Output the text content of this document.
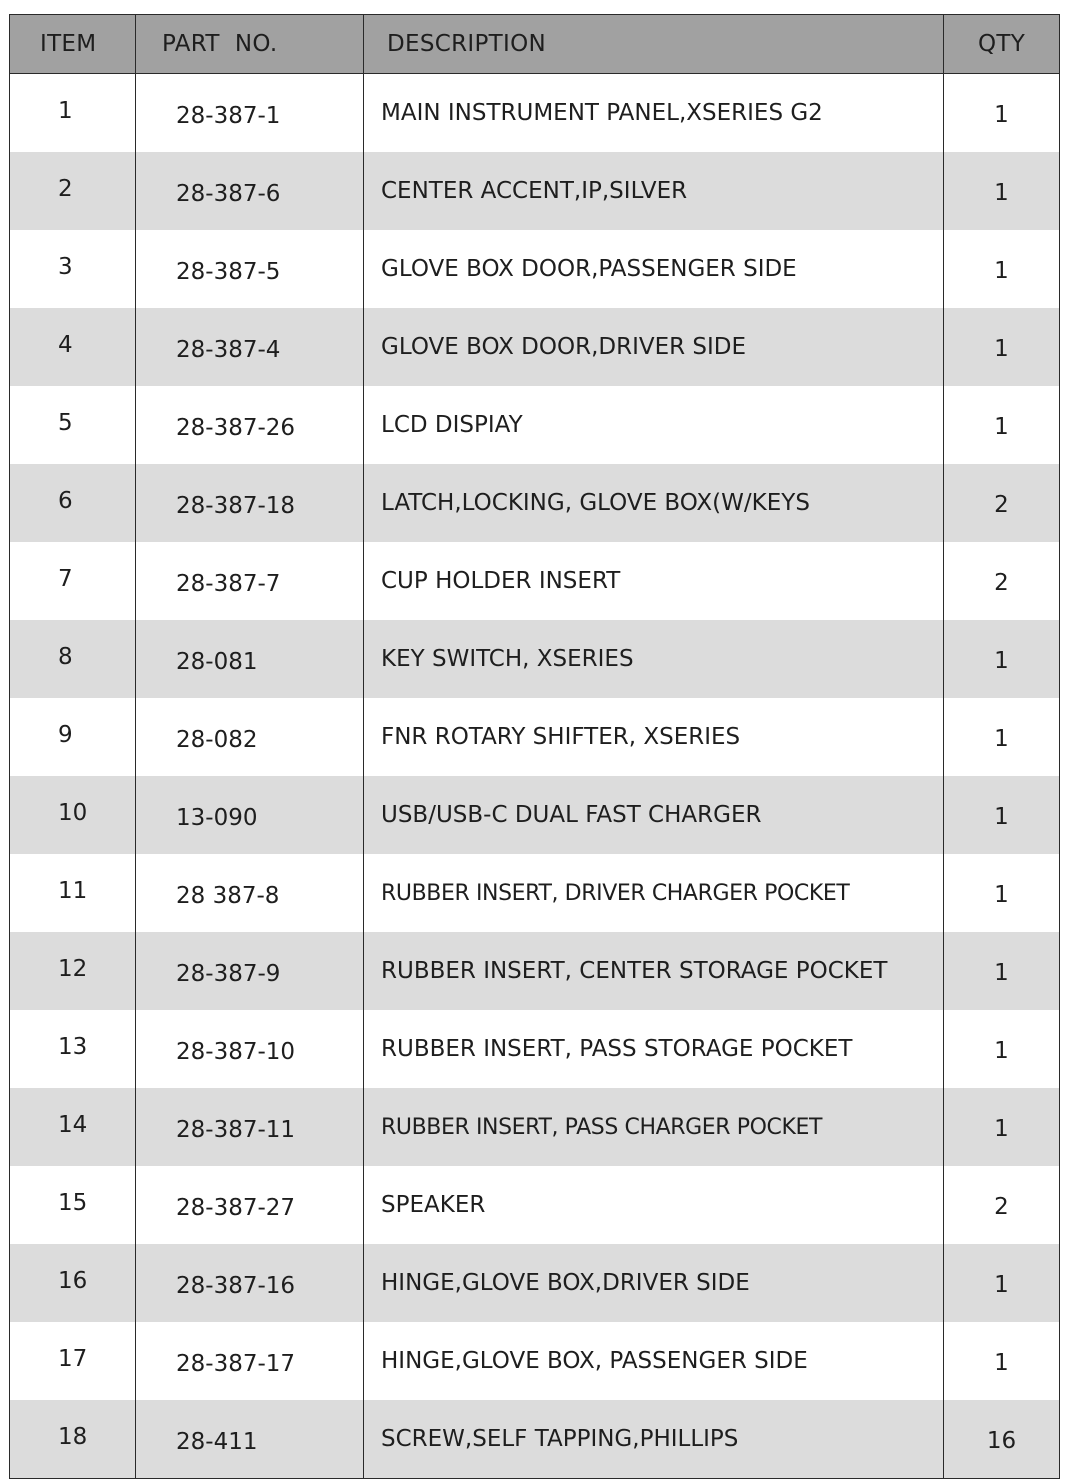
ITEM	PART  NO.	DESCRIPTION	QTY
1	28-387-1	MAIN INSTRUMENT PANEL,XSERIES G2	1
2	28-387-6	CENTER ACCENT,IP,SILVER	1
3	28-387-5	GLOVE BOX DOOR,PASSENGER SIDE	1
4	28-387-4	GLOVE BOX DOOR,DRIVER SIDE	1
5	28-387-26	LCD DISPIAY	1
6	28-387-18	LATCH,LOCKING, GLOVE BOX(W/KEYS	2
7	28-387-7	CUP HOLDER INSERT	2
8	28-081	KEY SWITCH, XSERIES	1
9	28-082	FNR ROTARY SHIFTER, XSERIES	1
10	13-090	USB/USB-C DUAL FAST CHARGER	1
11	28 387-8	RUBBER INSERT, DRIVER CHARGER POCKET	1
12	28-387-9	RUBBER INSERT, CENTER STORAGE POCKET	1
13	28-387-10	RUBBER INSERT, PASS STORAGE POCKET	1
14	28-387-11	RUBBER INSERT, PASS CHARGER POCKET	1
15	28-387-27	SPEAKER	2
16	28-387-16	HINGE,GLOVE BOX,DRIVER SIDE	1
17	28-387-17	HINGE,GLOVE BOX, PASSENGER SIDE	1
18	28-411	SCREW,SELF TAPPING,PHILLIPS	16
